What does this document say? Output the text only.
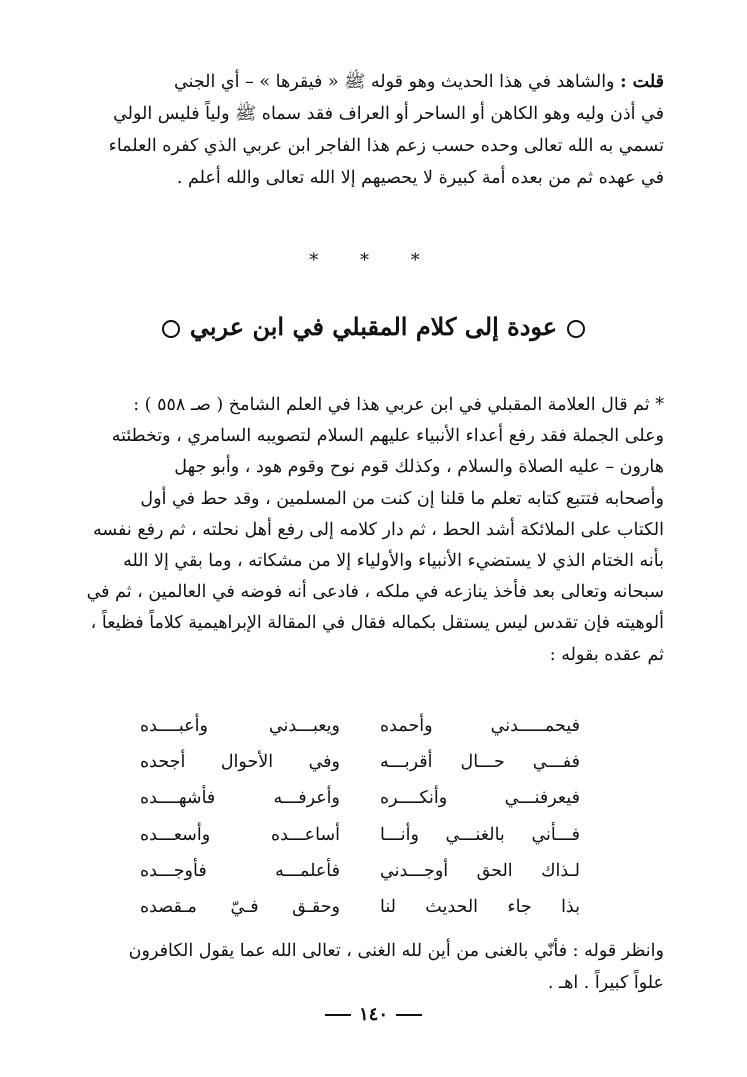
قلت : والشاهد في هذا الحديث وهو قوله ﷺ « فيقرها » – أي الجني
في أذن وليه وهو الكاهن أو الساحر أو العراف فقد سماه ﷺ ولياً فليس الولي
تسمي به الله تعالى وحده حسب زعم هذا الفاجر ابن عربي الذي كفره العلماء
في عهده ثم من بعده أمة كبيرة لا يحصيهم إلا الله تعالى والله أعلم .
* * *
عودة إلى كلام المقبلي في ابن عربي
* ثم قال العلامة المقبلي في ابن عربي هذا في العلم الشامخ ( صـ ٥٥٨ ) :
وعلى الجملة فقد رفع أعداء الأنبياء عليهم السلام لتصويبه السامري ، وتخطئته
هارون – عليه الصلاة والسلام ، وكذلك قوم نوح وقوم هود ، وأبو جهل
وأصحابه فتتبع كتابه تعلم ما قلنا إن كنت من المسلمين ، وقد حط في أول
الكتاب على الملائكة أشد الحط ، ثم دار كلامه إلى رفع أهل نحلته ، ثم رفع نفسه
بأنه الختام الذي لا يستضيء الأنبياء والأولياء إلا من مشكاته ، وما بقي إلا الله
سبحانه وتعالى بعد فأخذ ينازعه في ملكه ، فادعى أنه فوضه في العالمين ، ثم في
ألوهيته فإن تقدس ليس يستقل بكماله فقال في المقالة الإبراهيمية كلاماً فظيعاً ،
ثم عقده بقوله :
فيحمـــــدني وأحمده
ويعبـــدني وأعبــــده
ففـــي حـــال أقربـــه
وفي الأحوال أجحده
فيعرفنـــي وأنكــــره
وأعرفـــه فأشهــــده
فـــأني بالغنـــي وأنـــا
أساعـــده وأسعـــده
لـذاك الحق أوجـــدني
فأعلمـــه فأوجـــده
بذا جاء الحديث لنا
وحقـق فـيّ مـقصده
وانظر قوله : فأنّي بالغنى من أين لله الغنى ، تعالى الله عما يقول الكافرون
علواً كبيراً . اهـ .
١٤٠
